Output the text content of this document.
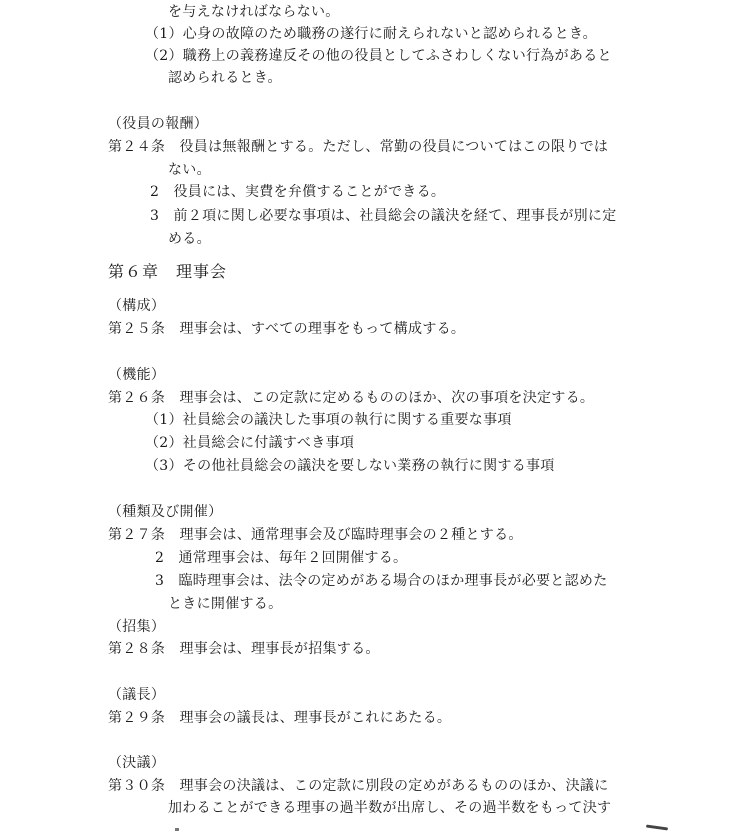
を与えなければならない。
（1）心身の故障のため職務の遂行に耐えられないと認められるとき。
（2）職務上の義務違反その他の役員としてふさわしくない行為があると
認められるとき。
（役員の報酬）
第２４条　役員は無報酬とする。ただし、常勤の役員についてはこの限りでは
ない。
2　役員には、実費を弁償することができる。
3　前２項に関し必要な事項は、社員総会の議決を経て、理事長が別に定
める。
第６章　理事会
（構成）
第２５条　理事会は、すべての理事をもって構成する。
（機能）
第２６条　理事会は、この定款に定めるもののほか、次の事項を決定する。
（1）社員総会の議決した事項の執行に関する重要な事項
（2）社員総会に付議すべき事項
（3）その他社員総会の議決を要しない業務の執行に関する事項
（種類及び開催）
第２７条　理事会は、通常理事会及び臨時理事会の２種とする。
2　通常理事会は、毎年２回開催する。
3　臨時理事会は、法令の定めがある場合のほか理事長が必要と認めた
ときに開催する。
（招集）
第２８条　理事会は、理事長が招集する。
（議長）
第２９条　理事会の議長は、理事長がこれにあたる。
（決議）
第３０条　理事会の決議は、この定款に別段の定めがあるもののほか、決議に
加わることができる理事の過半数が出席し、その過半数をもって決す
